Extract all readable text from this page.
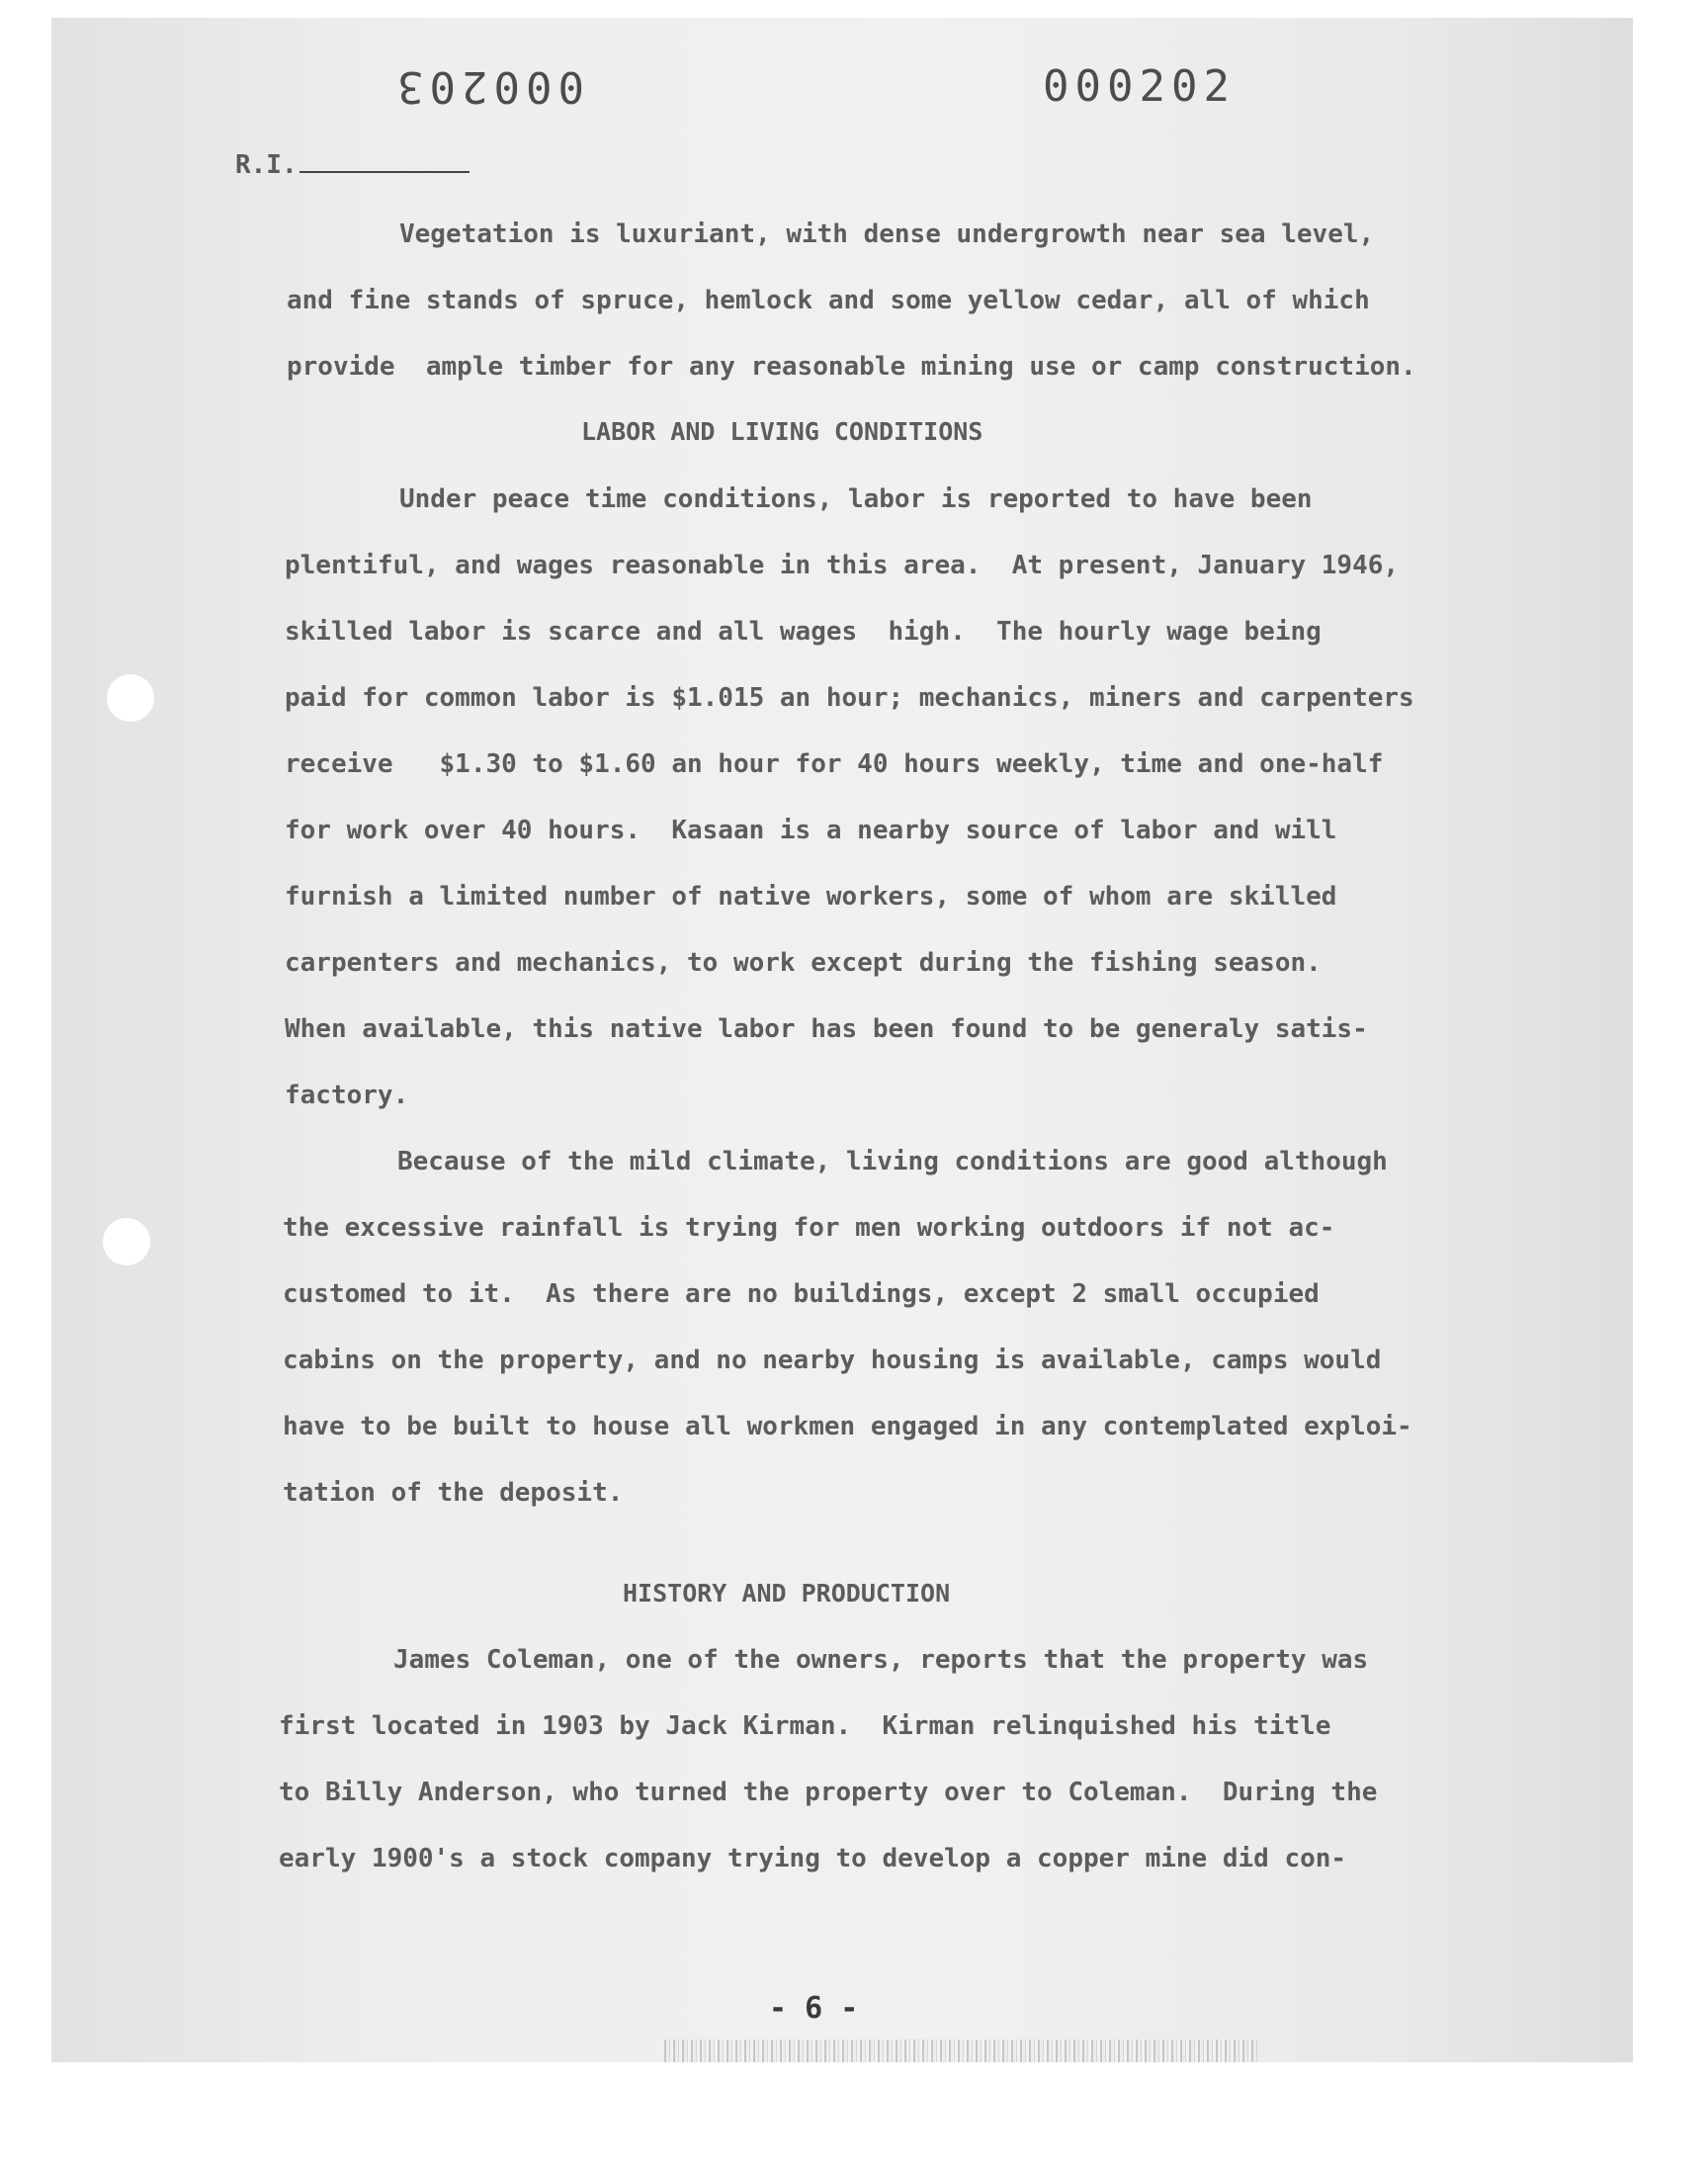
000203	000202
R.I.
Vegetation is luxuriant, with dense undergrowth near sea level,
and fine stands of spruce, hemlock and some yellow cedar, all of which
provide  ample timber for any reasonable mining use or camp construction.
LABOR AND LIVING CONDITIONS
Under peace time conditions, labor is reported to have been
plentiful, and wages reasonable in this area.  At present, January 1946,
skilled labor is scarce and all wages  high.  The hourly wage being
paid for common labor is $1.015 an hour; mechanics, miners and carpenters
receive   $1.30 to $1.60 an hour for 40 hours weekly, time and one-half
for work over 40 hours.  Kasaan is a nearby source of labor and will
furnish a limited number of native workers, some of whom are skilled
carpenters and mechanics, to work except during the fishing season.
When available, this native labor has been found to be generaly satis-
factory.
Because of the mild climate, living conditions are good although
the excessive rainfall is trying for men working outdoors if not ac-
customed to it.  As there are no buildings, except 2 small occupied
cabins on the property, and no nearby housing is available, camps would
have to be built to house all workmen engaged in any contemplated exploi-
tation of the deposit.
HISTORY AND PRODUCTION
James Coleman, one of the owners, reports that the property was
first located in 1903 by Jack Kirman.  Kirman relinquished his title
to Billy Anderson, who turned the property over to Coleman.  During the
early 1900's a stock company trying to develop a copper mine did con-
- 6 -
